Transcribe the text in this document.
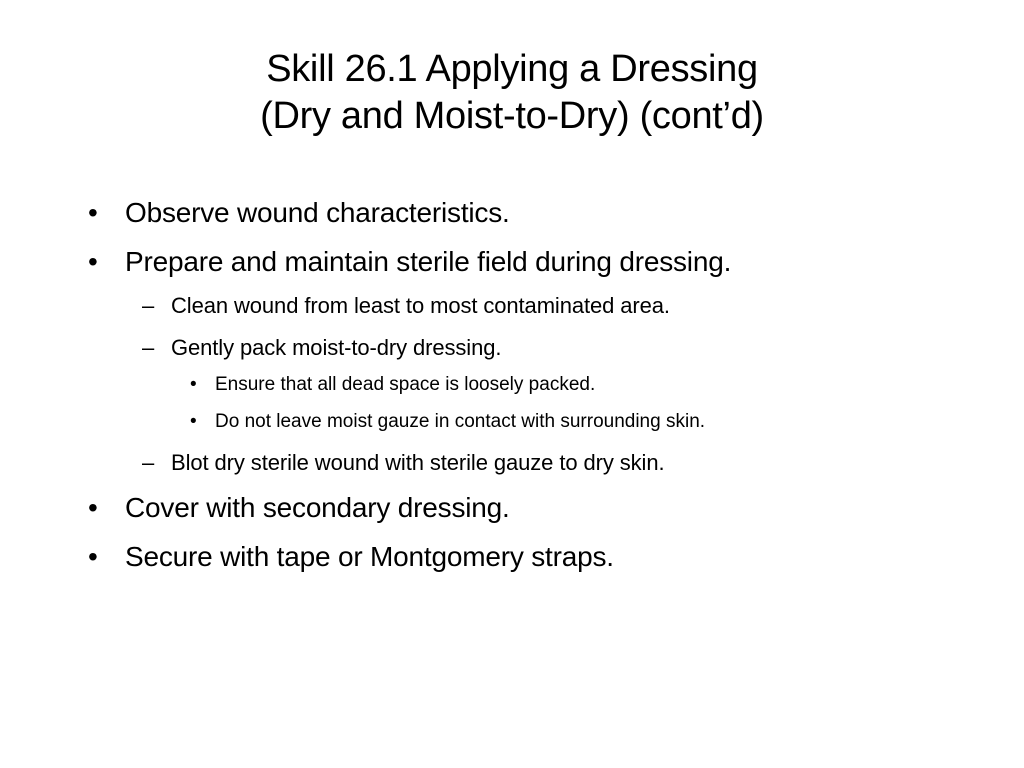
Skill 26.1 Applying a Dressing
(Dry and Moist-to-Dry) (cont’d)
• Observe wound characteristics.
• Prepare and maintain sterile field during dressing.
– Clean wound from least to most contaminated area.
– Gently pack moist-to-dry dressing.
• Ensure that all dead space is loosely packed.
• Do not leave moist gauze in contact with surrounding skin.
– Blot dry sterile wound with sterile gauze to dry skin.
• Cover with secondary dressing.
• Secure with tape or Montgomery straps.
